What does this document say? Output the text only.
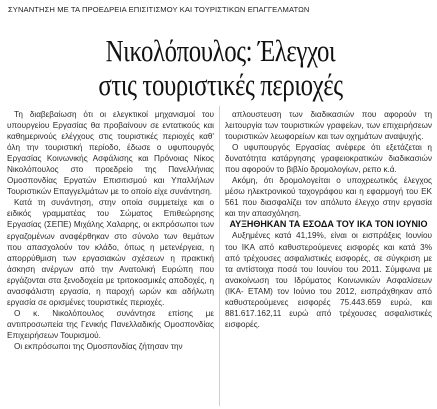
ΣΥΝΑΝΤΗΣΗ ΜΕ ΤΑ ΠΡΟΕΔΡΕΙΑ ΕΠΙΣΙΤΙΣΜΟΥ ΚΑΙ ΤΟΥΡΙΣΤΙΚΩΝ ΕΠΑΓΓΕΛΜΑΤΩΝ
Νικολόπουλος: Έλεγχοι
στις τουριστικές περιοχές

Τη διαβεβαίωση ότι οι ελεγκτικοί μηχανισμοί του υπουργείου Εργασίας θα προβαίνουν σε εντατικούς και καθημερινούς ελέγχους στις τουριστικές περιοχές καθ' όλη την τουριστική περίοδο, έδωσε ο υφυπουργός Εργασίας Κοινωνικής Ασφάλισης και Πρόνοιας Νίκος Νικολόπουλος στο προεδρείο της Πανελλήνιας Ομοσπονδίας Εργατών Επισιτισμού και Υπαλλήλων Τουριστικών Επαγγελμάτων με το οποίο είχε συνάντηση.

Κατά τη συνάντηση, στην οποία συμμετείχε και ο ειδικός γραμματέας του Σώματος Επιθεώρησης Εργασίας (ΣΕΠΕ) Μιχάλης Χαλαρης, οι εκπρόσωποι των εργαζομένων αναφέρθηκαν στο σύνολο των θεμάτων που απασχολούν τον κλάδο, όπως η μετενέργεια, η απορρύθμιση των εργασιακών σχέσεων η πρακτική άσκηση ανέργων από την Ανατολική Ευρώπη που εργάζονται στα ξενοδοχεία με τριτοκοσμικές αποδοχές, η ανασφάλιστη εργασία, η παροχή ωρών και αδήλωτη εργασία σε ορισμένες τουριστικές περιοχές.

Ο κ. Νικολόπουλος συνάντησε επίσης με αντιπροσωπεία της Γενικής Πανελλαδικής Ομοσπονδίας Επιχειρήσεων Τουρισμού.

Οι εκπρόσωποι της Ομοσπονδίας ζήτησαν την

απλουστευση των διαδικασιών που αφορούν τη λειτουργία των τουριστικών γραφείων, των επιχειρήσεων τουριστικών λεωφορείων και των οχημάτων αναψυχής.

Ο υφυπουργός Εργασίας ανέφερε ότι εξετάζεται η δυνατότητα κατάργησης γραφειοκρατικών διαδικασιών που αφορούν το βιβλίο δρομολογίων, ρεπο κ.ά.

Ακόμη, ότι δρομολογείται ο υποχρεωτικός έλεγχος μέσω ηλεκτρονικού ταχογράφου και η εφαρμογή του ΕΚ 561 που διασφαλίζει τον απόλυτο έλεγχο στην εργασία και την απασχόληση.

ΑΥΞΗΘΗΚΑΝ ΤΑ ΕΣΟΔΑ ΤΟΥ ΙΚΑ ΤΟΝ ΙΟΥΝΙΟ

Αυξημένες κατά 41,19%, είναι οι εισπράξεις Ιουνίου του ΙΚΑ από καθυστερούμενες εισφορές και κατά 3% από τρέχουσες ασφαλιστικές εισφορές, σε σύγκριση με τα αντίστοιχα ποσά του Ιουνίου του 2011. Σύμφωνα με ανακοίνωση του Ιδρύματος Κοινωνικών Ασφαλίσεων (ΙΚΑ- ΕΤΑΜ) τον Ιούνιο του 2012, εισπράχθηκαν από καθυστερούμενες εισφορές 75.443.659 ευρώ, και 881.617.162,11 ευρώ από τρέχουσες ασφαλιστικές εισφορές.
